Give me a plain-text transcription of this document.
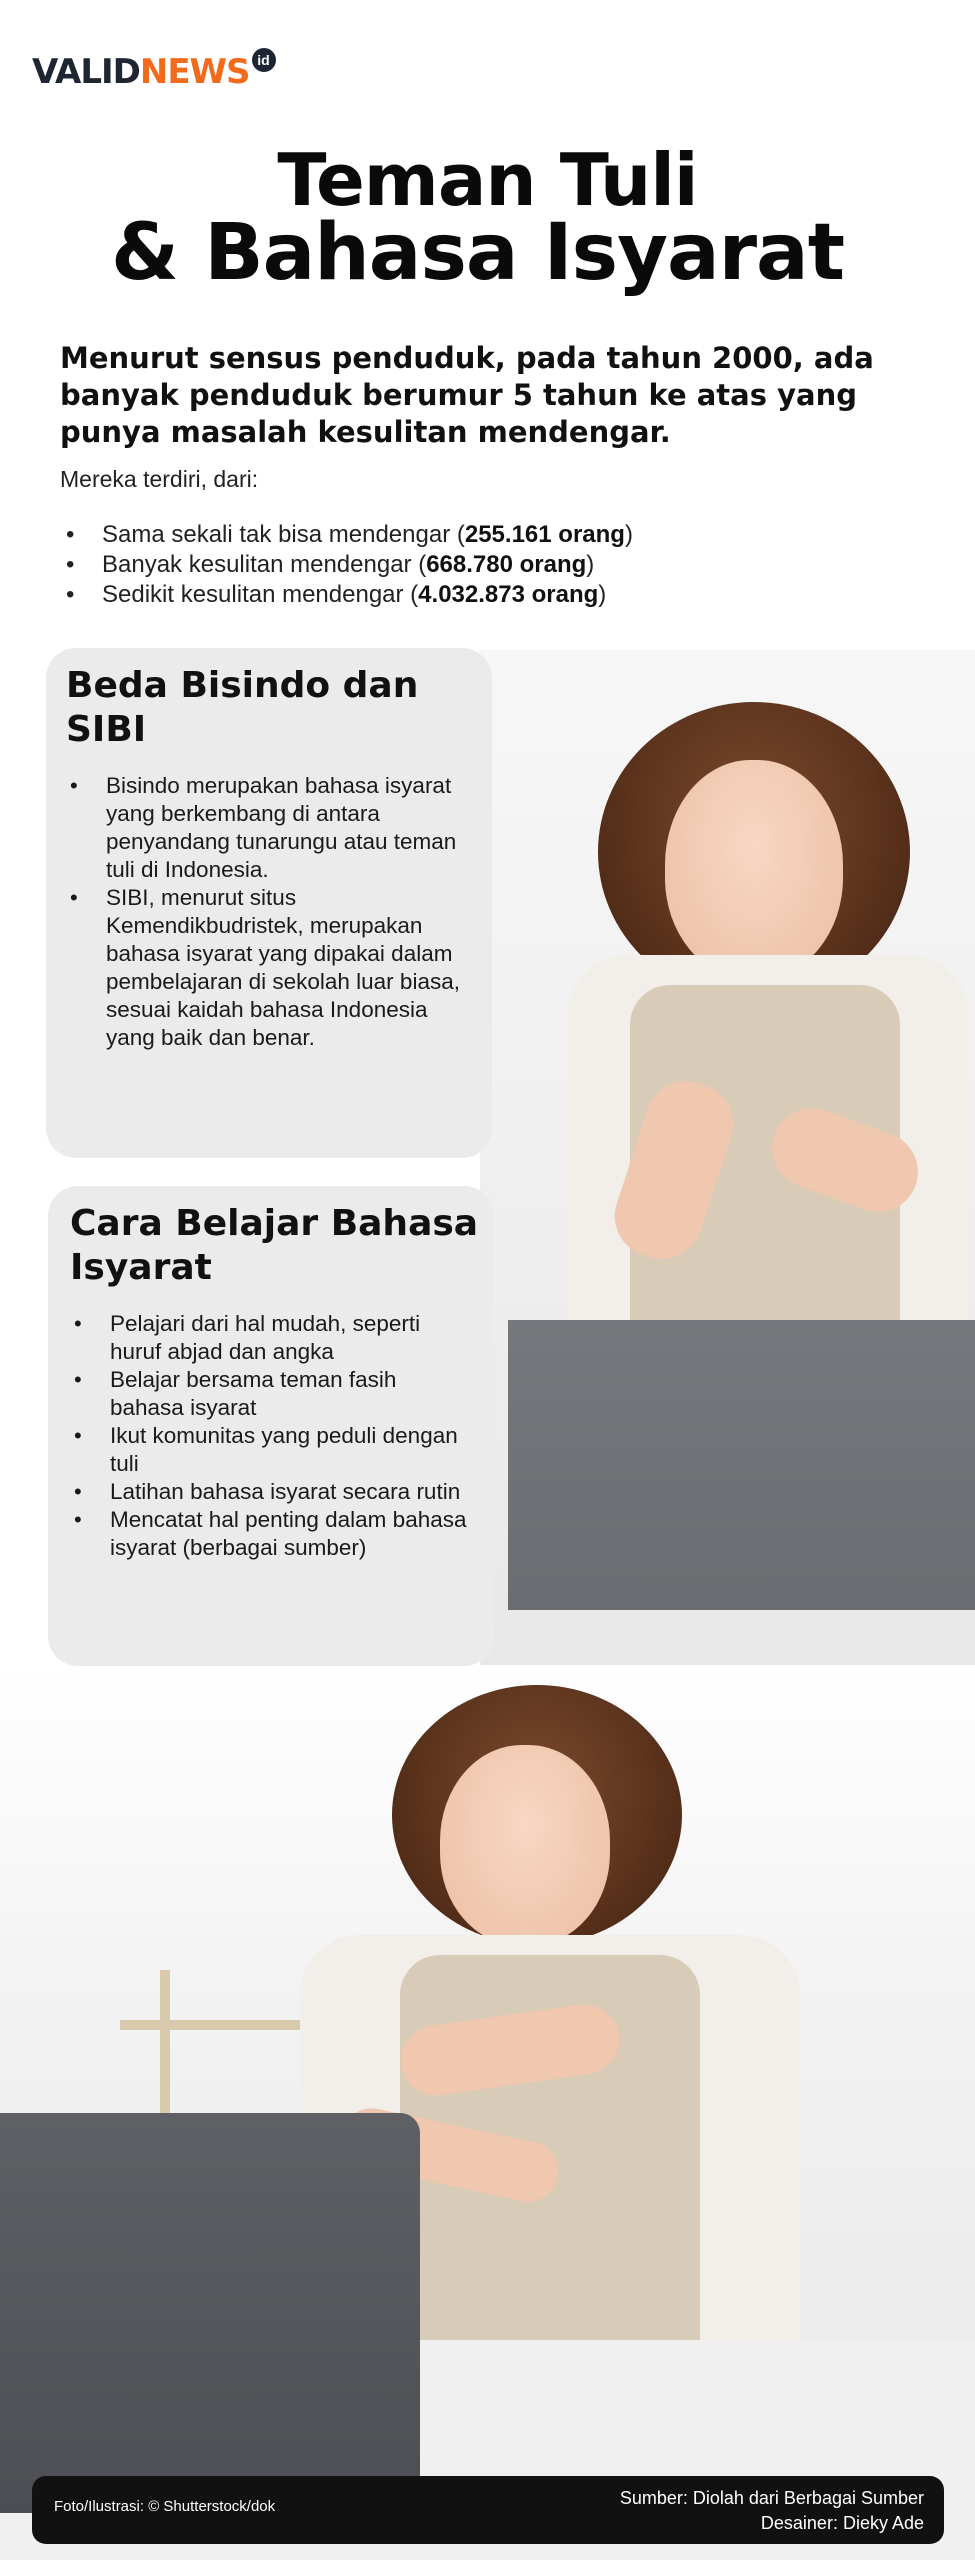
VALID NEWS id
Teman Tuli
& Bahasa Isyarat

Menurut sensus penduduk, pada tahun 2000, ada banyak penduduk berumur 5 tahun ke atas yang punya masalah kesulitan mendengar.

Mereka terdiri, dari:

• Sama sekali tak bisa mendengar (255.161 orang)
• Banyak kesulitan mendengar (668.780 orang)
• Sedikit kesulitan mendengar (4.032.873 orang)
Beda Bisindo dan SIBI
• Bisindo merupakan bahasa isyarat yang berkembang di antara penyandang tunarungu atau teman tuli di Indonesia.
• SIBI, menurut situs Kemendikbudristek, merupakan bahasa isyarat yang dipakai dalam pembelajaran di sekolah luar biasa, sesuai kaidah bahasa Indonesia yang baik dan benar.
Cara Belajar Bahasa Isyarat
• Pelajari dari hal mudah, seperti huruf abjad dan angka
• Belajar bersama teman fasih bahasa isyarat
• Ikut komunitas yang peduli dengan tuli
• Latihan bahasa isyarat secara rutin
• Mencatat hal penting dalam bahasa isyarat (berbagai sumber)
Foto/Ilustrasi: © Shutterstock/dok	Sumber: Diolah dari Berbagai Sumber
Desainer: Dieky Ade
